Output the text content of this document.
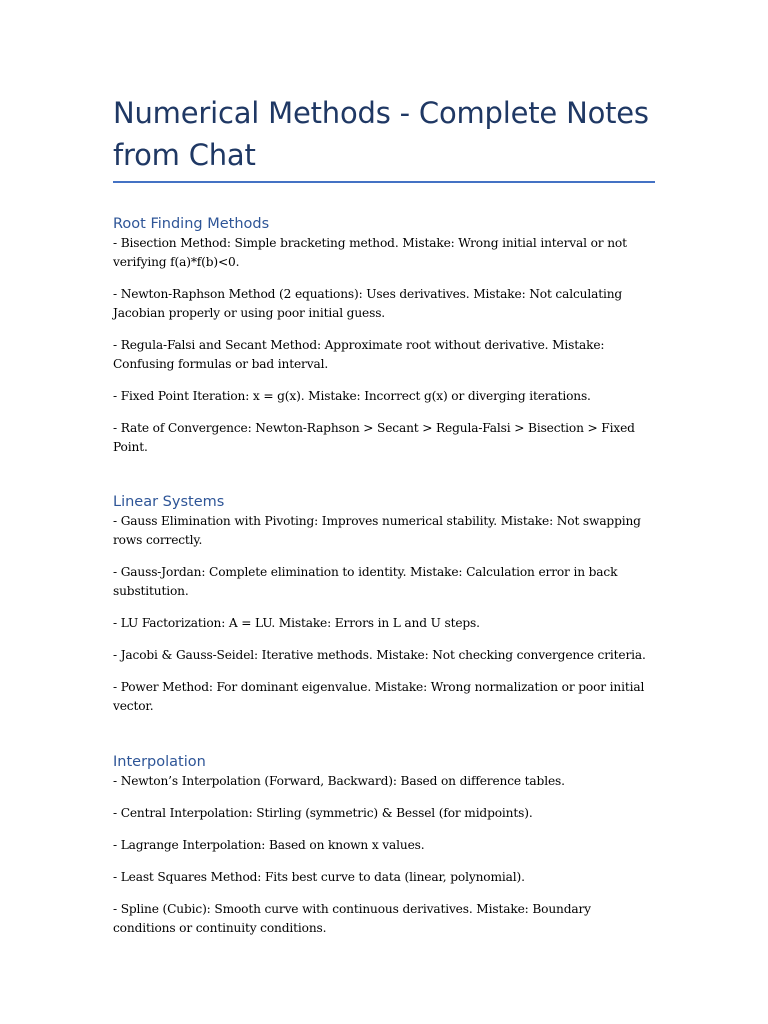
Numerical Methods - Complete Notes from Chat
Root Finding Methods

- Bisection Method: Simple bracketing method. Mistake: Wrong initial interval or not verifying f(a)*f(b)<0.

- Newton-Raphson Method (2 equations): Uses derivatives. Mistake: Not calculating Jacobian properly or using poor initial guess.

- Regula-Falsi and Secant Method: Approximate root without derivative. Mistake: Confusing formulas or bad interval.

- Fixed Point Iteration: x = g(x). Mistake: Incorrect g(x) or diverging iterations.

- Rate of Convergence: Newton-Raphson > Secant > Regula-Falsi > Bisection > Fixed Point.

Linear Systems

- Gauss Elimination with Pivoting: Improves numerical stability. Mistake: Not swapping rows correctly.

- Gauss-Jordan: Complete elimination to identity. Mistake: Calculation error in back substitution.

- LU Factorization: A = LU. Mistake: Errors in L and U steps.

- Jacobi & Gauss-Seidel: Iterative methods. Mistake: Not checking convergence criteria.

- Power Method: For dominant eigenvalue. Mistake: Wrong normalization or poor initial vector.

Interpolation

- Newton’s Interpolation (Forward, Backward): Based on difference tables.

- Central Interpolation: Stirling (symmetric) & Bessel (for midpoints).

- Lagrange Interpolation: Based on known x values.

- Least Squares Method: Fits best curve to data (linear, polynomial).

- Spline (Cubic): Smooth curve with continuous derivatives. Mistake: Boundary conditions or continuity conditions.
